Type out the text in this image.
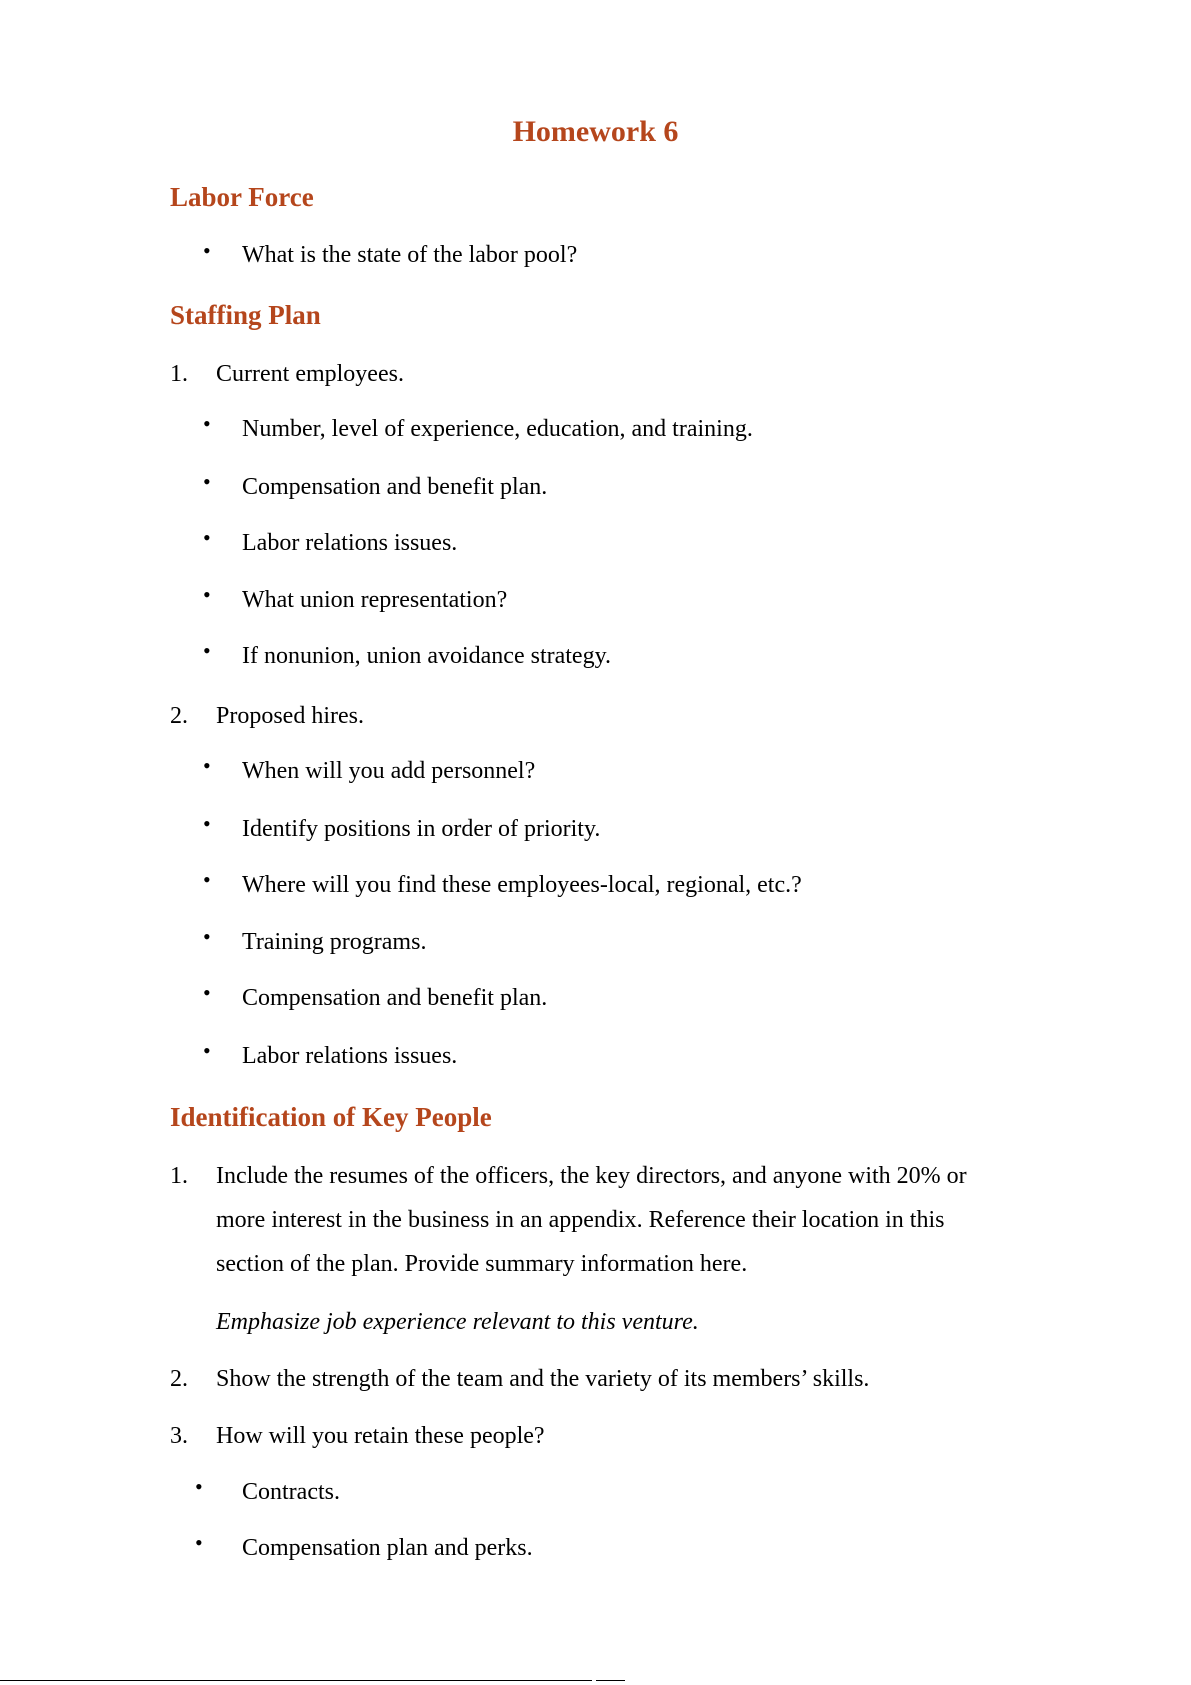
Homework 6
Labor Force
• What is the state of the labor pool?
Staffing Plan
1. Current employees.
• Number, level of experience, education, and training.
• Compensation and benefit plan.
• Labor relations issues.
• What union representation?
• If nonunion, union avoidance strategy.
2. Proposed hires.
• When will you add personnel?
• Identify positions in order of priority.
• Where will you find these employees-local, regional, etc.?
• Training programs.
• Compensation and benefit plan.
• Labor relations issues.
Identification of Key People
1. Include the resumes of the officers, the key directors, and anyone with 20% or
more interest in the business in an appendix. Reference their location in this
section of the plan. Provide summary information here.
Emphasize job experience relevant to this venture.
2. Show the strength of the team and the variety of its members’ skills.
3. How will you retain these people?
• Contracts.
• Compensation plan and perks.
